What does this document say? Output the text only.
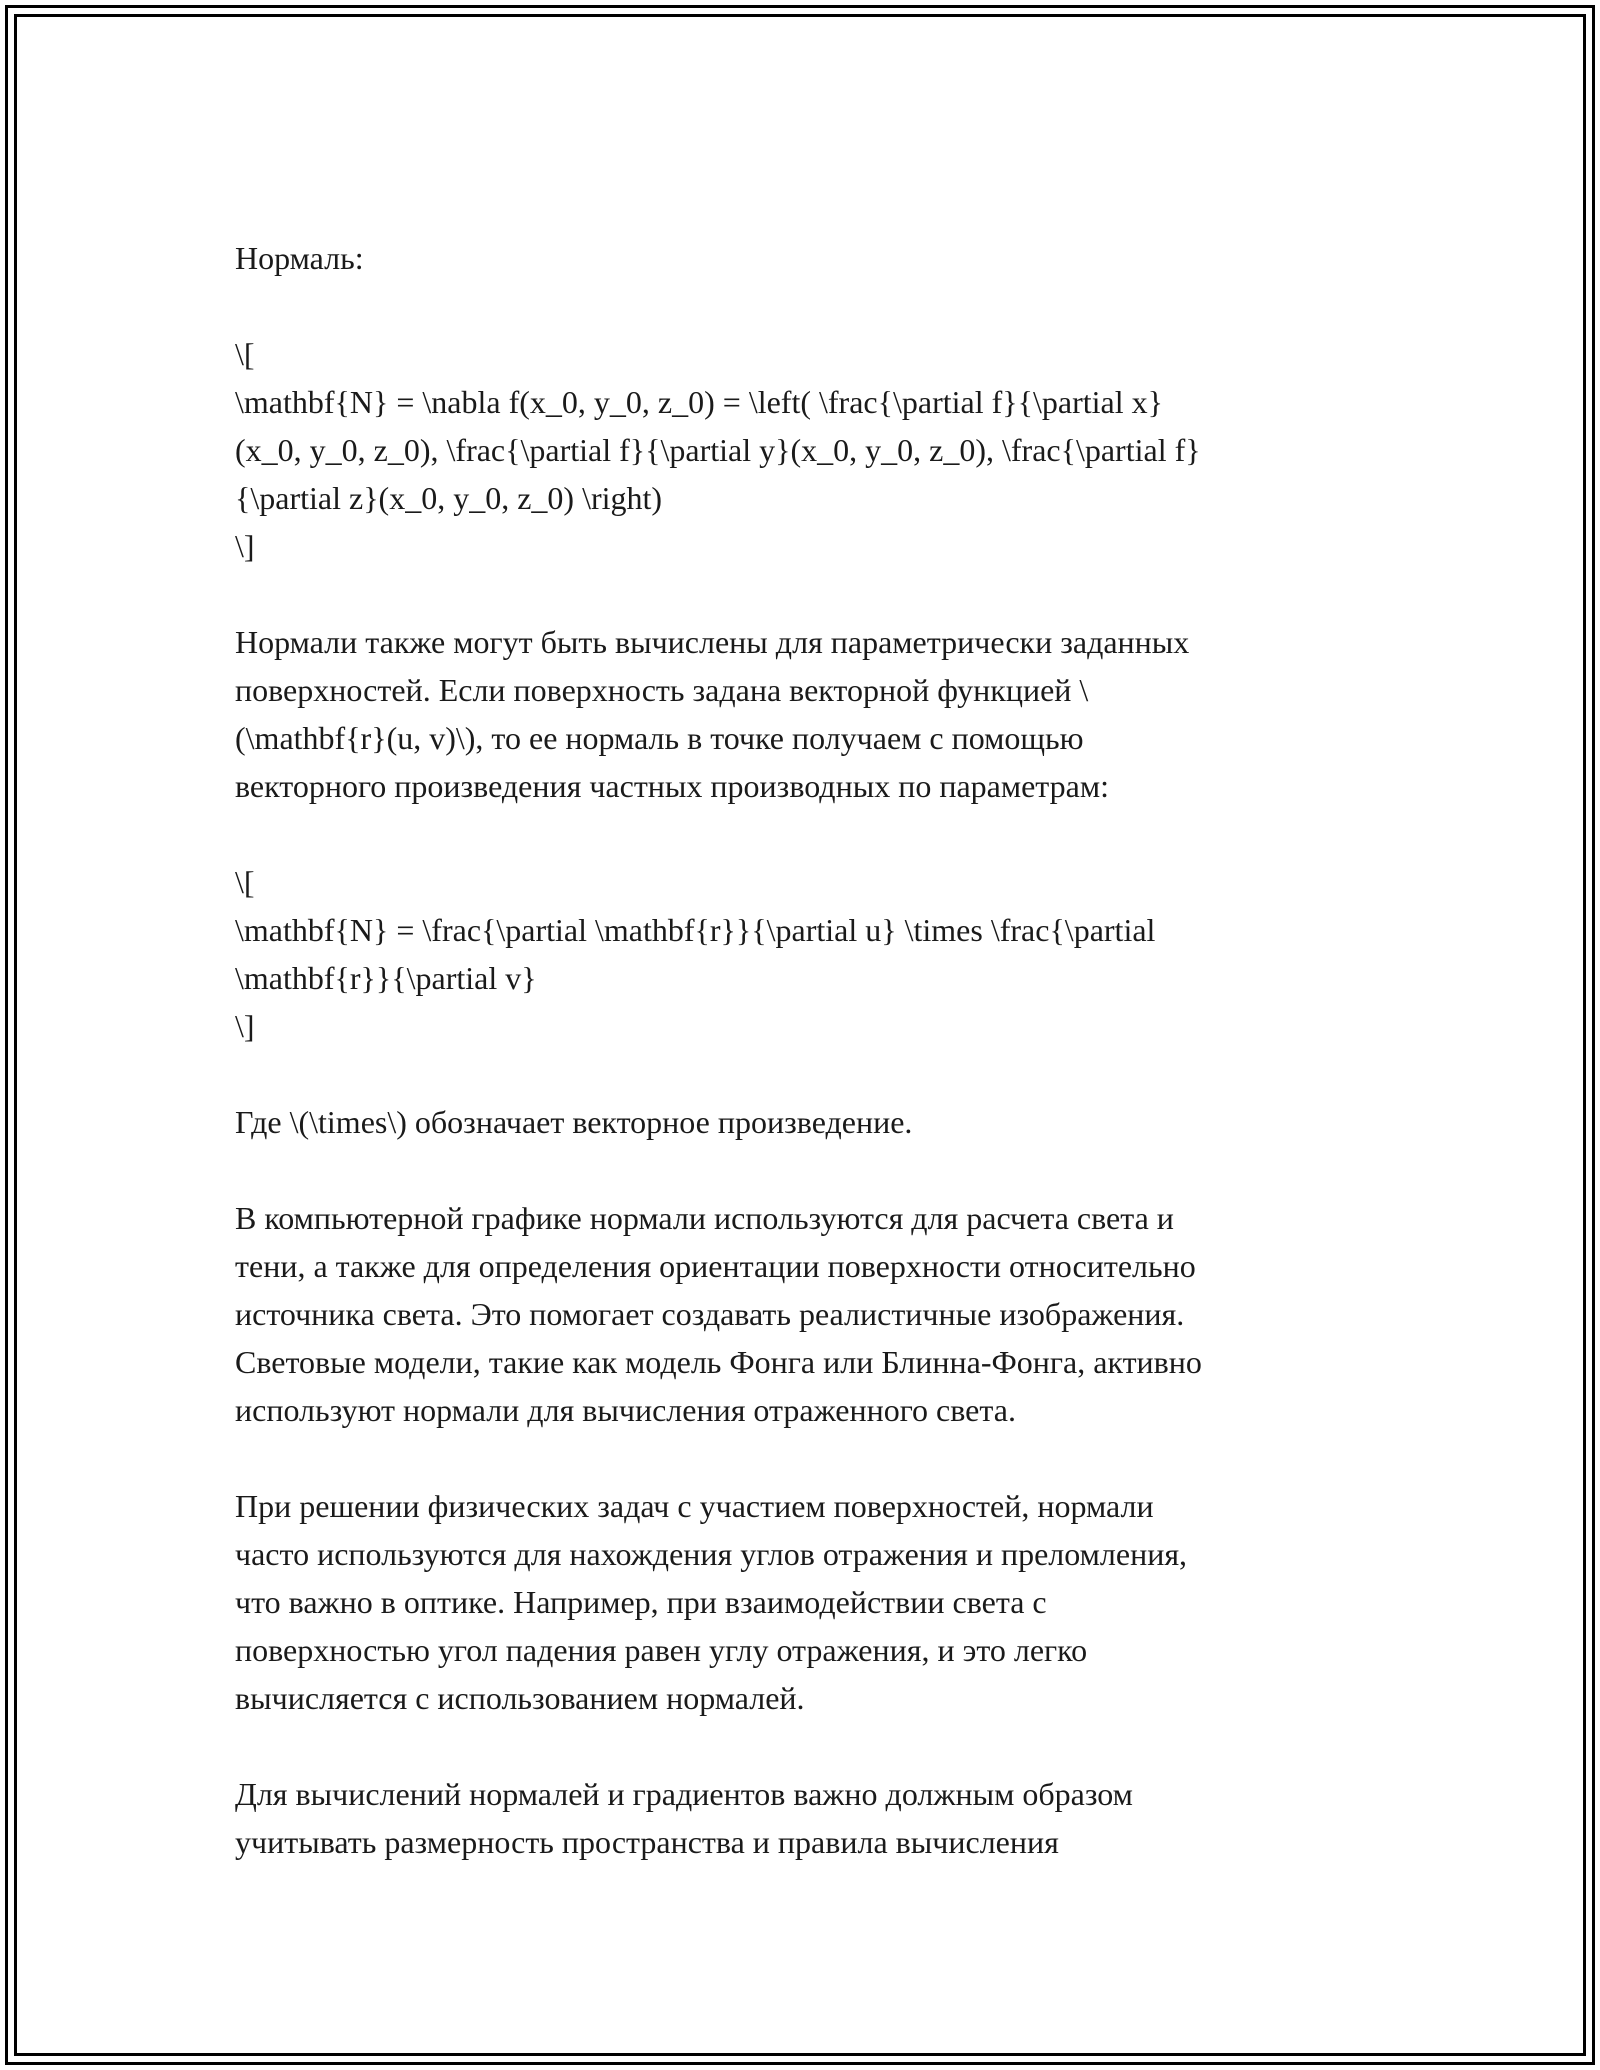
Нормаль:
\[
\mathbf{N} = \nabla f(x_0, y_0, z_0) = \left( \frac{\partial f}{\partial x}
(x_0, y_0, z_0), \frac{\partial f}{\partial y}(x_0, y_0, z_0), \frac{\partial f}
{\partial z}(x_0, y_0, z_0) \right)
\]
Нормали также могут быть вычислены для параметрически заданных
поверхностей. Если поверхность задана векторной функцией \
(\mathbf{r}(u, v)\), то ее нормаль в точке получаем с помощью
векторного произведения частных производных по параметрам:
\[
\mathbf{N} = \frac{\partial \mathbf{r}}{\partial u} \times \frac{\partial
\mathbf{r}}{\partial v}
\]
Где \(\times\) обозначает векторное произведение.
В компьютерной графике нормали используются для расчета света и
тени, а также для определения ориентации поверхности относительно
источника света. Это помогает создавать реалистичные изображения.
Световые модели, такие как модель Фонга или Блинна-Фонга, активно
используют нормали для вычисления отраженного света.
При решении физических задач с участием поверхностей, нормали
часто используются для нахождения углов отражения и преломления,
что важно в оптике. Например, при взаимодействии света с
поверхностью угол падения равен углу отражения, и это легко
вычисляется с использованием нормалей.
Для вычислений нормалей и градиентов важно должным образом
учитывать размерность пространства и правила вычисления
